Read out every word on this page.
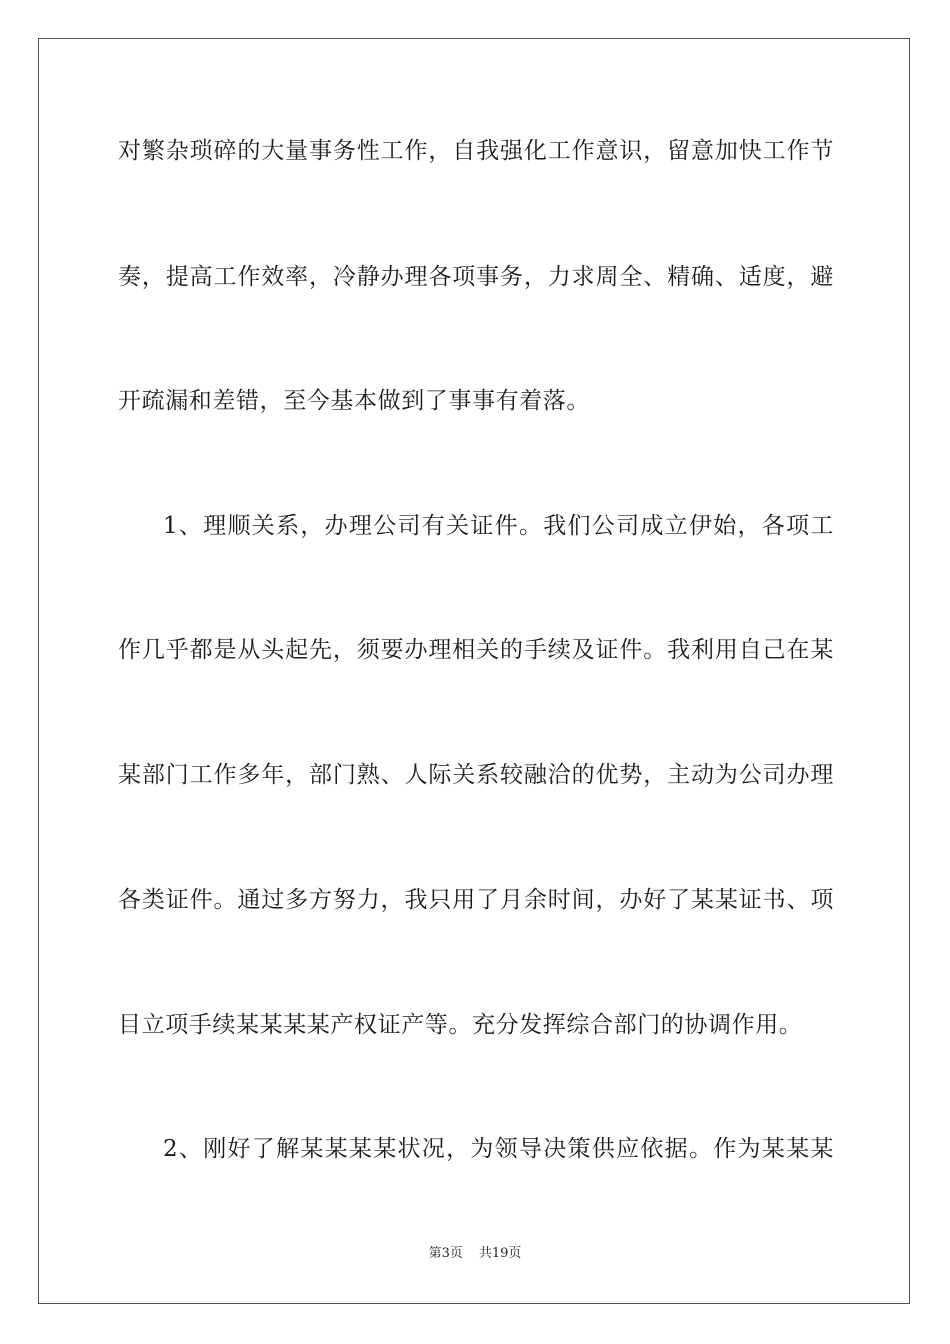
对繁杂琐碎的大量事务性工作，自我强化工作意识，留意加快工作节
奏，提高工作效率，冷静办理各项事务，力求周全、精确、适度，避
开疏漏和差错，至今基本做到了事事有着落。
1、理顺关系，办理公司有关证件。我们公司成立伊始，各项工
作几乎都是从头起先，须要办理相关的手续及证件。我利用自己在某
某部门工作多年，部门熟、人际关系较融洽的优势，主动为公司办理
各类证件。通过多方努力，我只用了月余时间，办好了某某证书、项
目立项手续某某某某产权证产等。充分发挥综合部门的协调作用。
2、刚好了解某某某某状况，为领导决策供应依据。作为某某某
第3页 共19页
